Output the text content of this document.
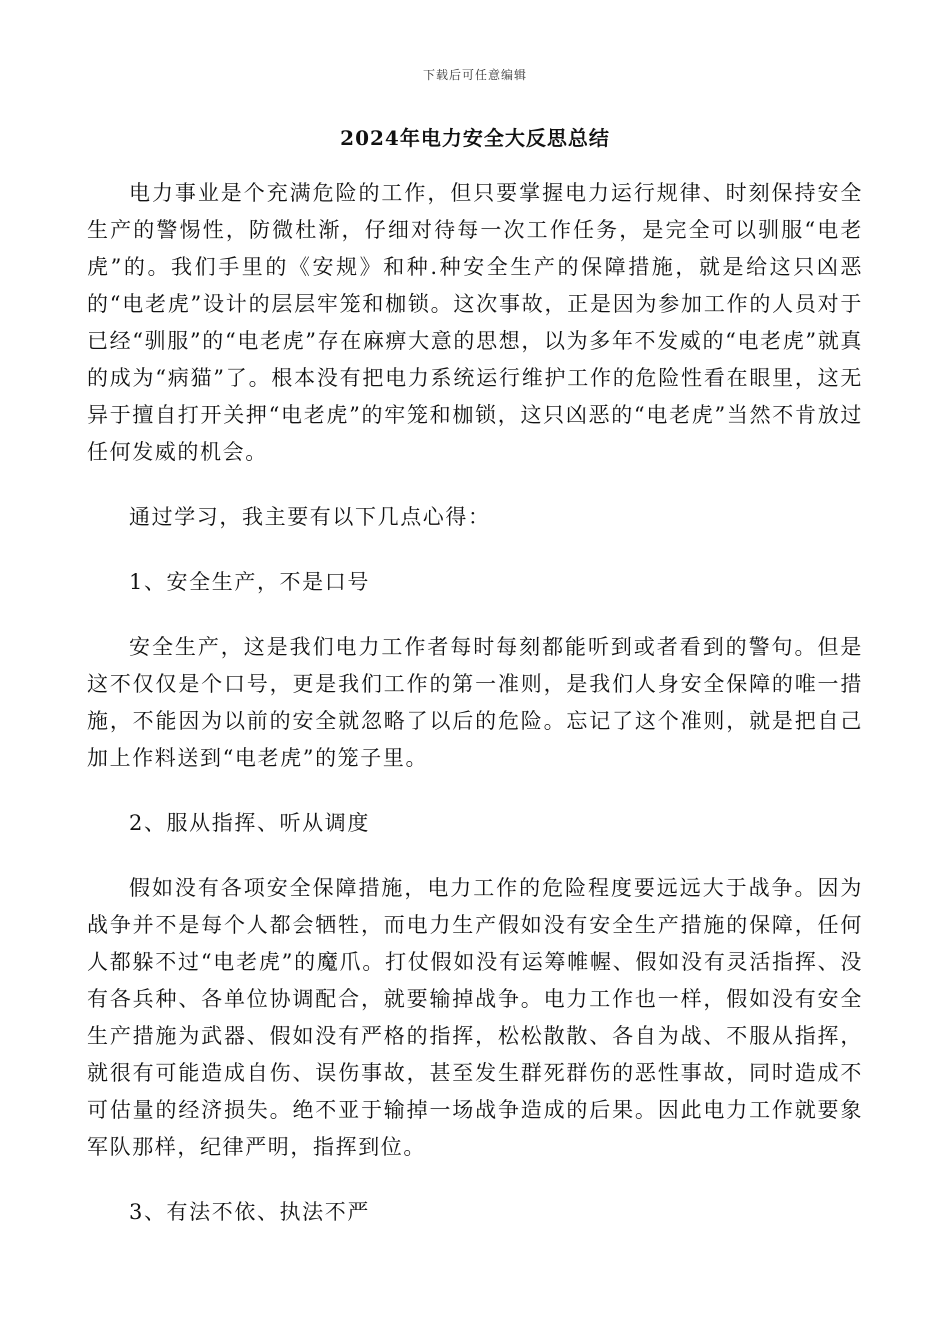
下载后可任意编辑
2024年电力安全大反思总结

电力事业是个充满危险的工作，但只要掌握电力运行规律、时刻保持安全生产的警惕性，防微杜渐，仔细对待每一次工作任务，是完全可以驯服“电老虎”的。我们手里的《安规》和种.种安全生产的保障措施，就是给这只凶恶的“电老虎”设计的层层牢笼和枷锁。这次事故，正是因为参加工作的人员对于已经“驯服”的“电老虎”存在麻痹大意的思想，以为多年不发威的“电老虎”就真的成为“病猫”了。根本没有把电力系统运行维护工作的危险性看在眼里，这无异于擅自打开关押“电老虎”的牢笼和枷锁，这只凶恶的“电老虎”当然不肯放过任何发威的机会。

通过学习，我主要有以下几点心得：

1、安全生产，不是口号

安全生产，这是我们电力工作者每时每刻都能听到或者看到的警句。但是这不仅仅是个口号，更是我们工作的第一准则，是我们人身安全保障的唯一措施，不能因为以前的安全就忽略了以后的危险。忘记了这个准则，就是把自己加上作料送到“电老虎”的笼子里。

2、服从指挥、听从调度

假如没有各项安全保障措施，电力工作的危险程度要远远大于战争。因为战争并不是每个人都会牺牲，而电力生产假如没有安全生产措施的保障，任何人都躲不过“电老虎”的魔爪。打仗假如没有运筹帷幄、假如没有灵活指挥、没有各兵种、各单位协调配合，就要输掉战争。电力工作也一样，假如没有安全生产措施为武器、假如没有严格的指挥，松松散散、各自为战、不服从指挥，就很有可能造成自伤、误伤事故，甚至发生群死群伤的恶性事故，同时造成不可估量的经济损失。绝不亚于输掉一场战争造成的后果。因此电力工作就要象军队那样，纪律严明，指挥到位。

3、有法不依、执法不严
